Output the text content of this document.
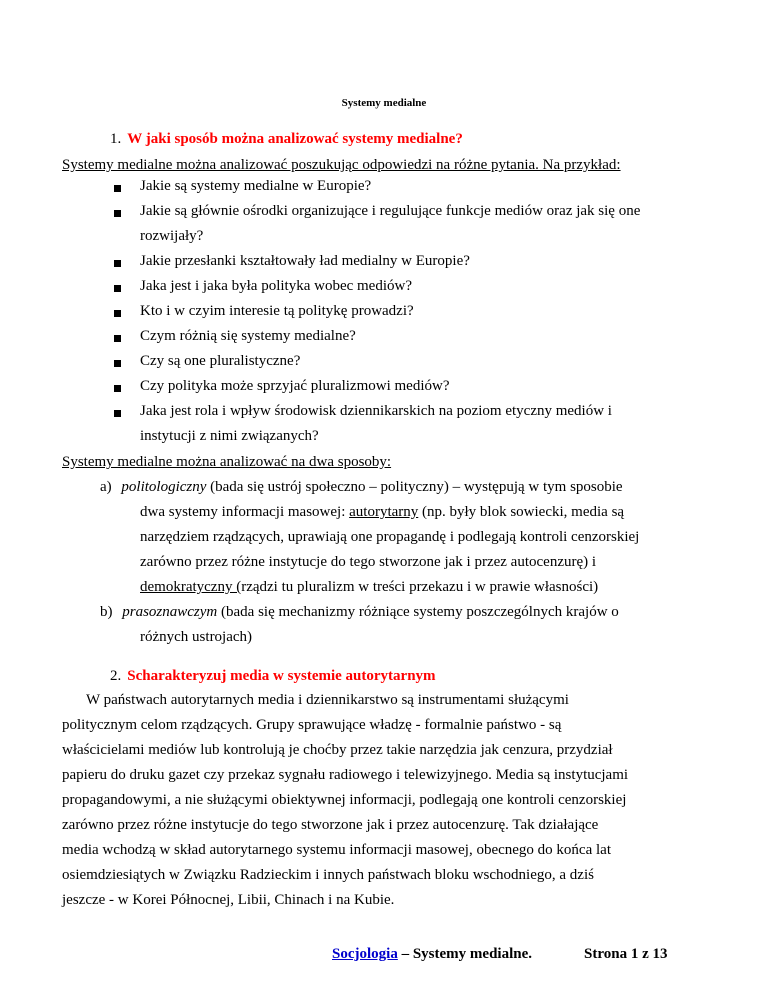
Systemy medialne
1. W jaki sposób można analizować systemy medialne?
Systemy medialne można analizować poszukując odpowiedzi na różne pytania. Na przykład:
Jakie są systemy medialne w Europie?
Jakie są głównie ośrodki organizujące i regulujące funkcje mediów oraz jak się one
rozwijały?
Jakie przesłanki kształtowały ład medialny w Europie?
Jaka jest i jaka była polityka wobec mediów?
Kto i w czyim interesie tą politykę prowadzi?
Czym różnią się systemy medialne?
Czy są one pluralistyczne?
Czy polityka może sprzyjać pluralizmowi mediów?
Jaka jest rola i wpływ środowisk dziennikarskich na poziom etyczny mediów i
instytucji z nimi związanych?
Systemy medialne można analizować na dwa sposoby:
a) politologiczny (bada się ustrój społeczno – polityczny) – występują w tym sposobie
dwa systemy informacji masowej: autorytarny (np. były blok sowiecki, media są
narzędziem rządzących, uprawiają one propagandę i podlegają kontroli cenzorskiej
zarówno przez różne instytucje do tego stworzone jak i przez autocenzurę) i
demokratyczny (rządzi tu pluralizm w treści przekazu i w prawie własności)
b) prasoznawczym (bada się mechanizmy różniące systemy poszczególnych krajów o
różnych ustrojach)
2. Scharakteryzuj media w systemie autorytarnym
W państwach autorytarnych media i dziennikarstwo są instrumentami służącymi
politycznym celom rządzących. Grupy sprawujące władzę - formalnie państwo - są
właścicielami mediów lub kontrolują je choćby przez takie narzędzia jak cenzura, przydział
papieru do druku gazet czy przekaz sygnału radiowego i telewizyjnego. Media są instytucjami
propagandowymi, a nie służącymi obiektywnej informacji, podlegają one kontroli cenzorskiej
zarówno przez różne instytucje do tego stworzone jak i przez autocenzurę. Tak działające
media wchodzą w skład autorytarnego systemu informacji masowej, obecnego do końca lat
osiemdziesiątych w Związku Radzieckim i innych państwach bloku wschodniego, a dziś
jeszcze - w Korei Północnej, Libii, Chinach i na Kubie.
Socjologia – Systemy medialne.	Strona 1 z 13
